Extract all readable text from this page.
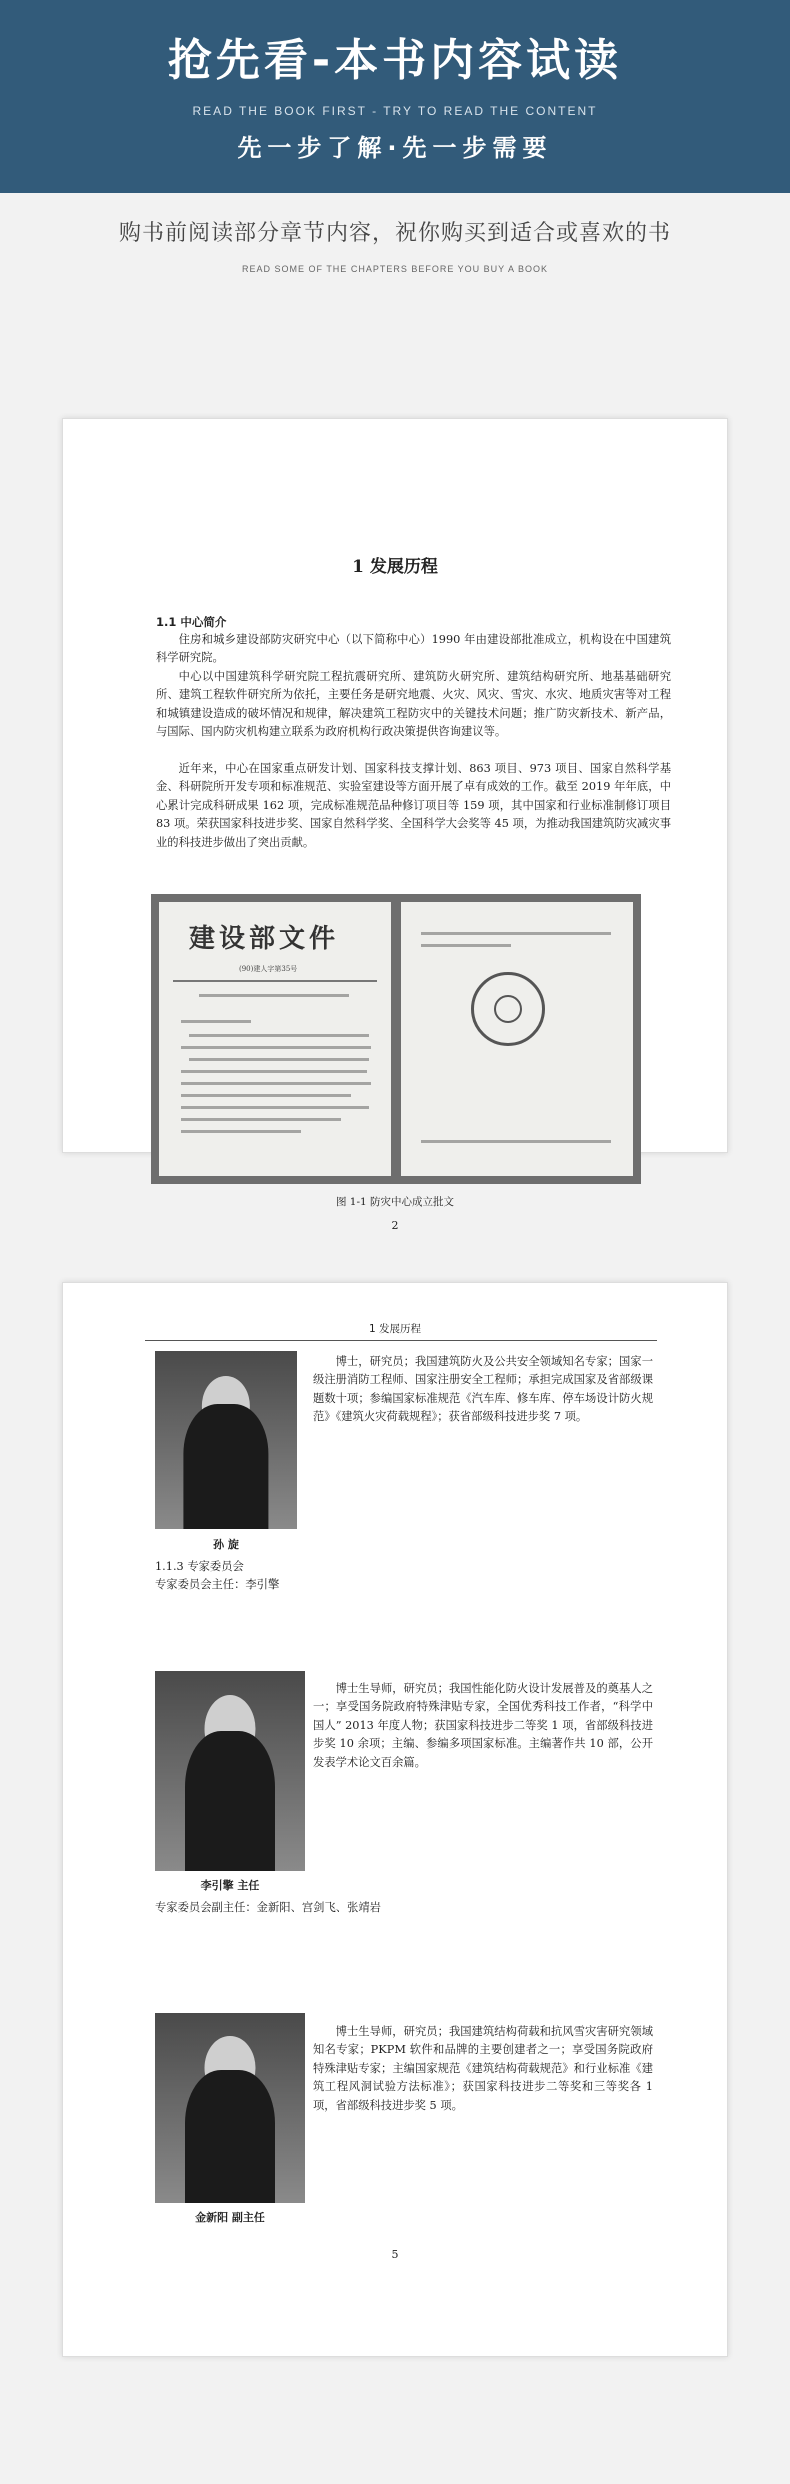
抢先看-本书内容试读
READ THE BOOK FIRST - TRY TO READ THE CONTENT
先一步了解·先一步需要
购书前阅读部分章节内容，祝你购买到适合或喜欢的书
READ SOME OF THE CHAPTERS BEFORE YOU BUY A BOOK
1 发展历程
1.1 中心简介
住房和城乡建设部防灾研究中心（以下简称中心）1990 年由建设部批准成立，机构设在中国建筑科学研究院。
中心以中国建筑科学研究院工程抗震研究所、建筑防火研究所、建筑结构研究所、地基基础研究所、建筑工程软件研究所为依托，主要任务是研究地震、火灾、风灾、雪灾、水灾、地质灾害等对工程和城镇建设造成的破坏情况和规律，解决建筑工程防灾中的关键技术问题；推广防灾新技术、新产品，与国际、国内防灾机构建立联系为政府机构行政决策提供咨询建议等。
近年来，中心在国家重点研发计划、国家科技支撑计划、863 项目、973 项目、国家自然科学基金、科研院所开发专项和标准规范、实验室建设等方面开展了卓有成效的工作。截至 2019 年年底，中心累计完成科研成果 162 项，完成标准规范品种修订项目等 159 项，其中国家和行业标准制修订项目 83 项。荣获国家科技进步奖、国家自然科学奖、全国科学大会奖等 45 项，为推动我国建筑防灾减灾事业的科技进步做出了突出贡献。
建设部文件
(90)建人字第35号
图 1-1 防灾中心成立批文
2
1 发展历程
孙 旋
博士，研究员；我国建筑防火及公共安全领域知名专家；国家一级注册消防工程师、国家注册安全工程师；承担完成国家及省部级课题数十项；参编国家标准规范《汽车库、修车库、停车场设计防火规范》《建筑火灾荷载规程》；获省部级科技进步奖 7 项。
1.1.3 专家委员会
专家委员会主任：李引擎
李引擎 主任
博士生导师，研究员；我国性能化防火设计发展普及的奠基人之一；享受国务院政府特殊津贴专家，全国优秀科技工作者，“科学中国人” 2013 年度人物；获国家科技进步二等奖 1 项，省部级科技进步奖 10 余项；主编、参编多项国家标准。主编著作共 10 部，公开发表学术论文百余篇。
专家委员会副主任：金新阳、宫剑飞、张靖岩
金新阳 副主任
博士生导师，研究员；我国建筑结构荷载和抗风雪灾害研究领域知名专家；PKPM 软件和品牌的主要创建者之一；享受国务院政府特殊津贴专家；主编国家规范《建筑结构荷载规范》和行业标准《建筑工程风洞试验方法标准》；获国家科技进步二等奖和三等奖各 1 项，省部级科技进步奖 5 项。
5
